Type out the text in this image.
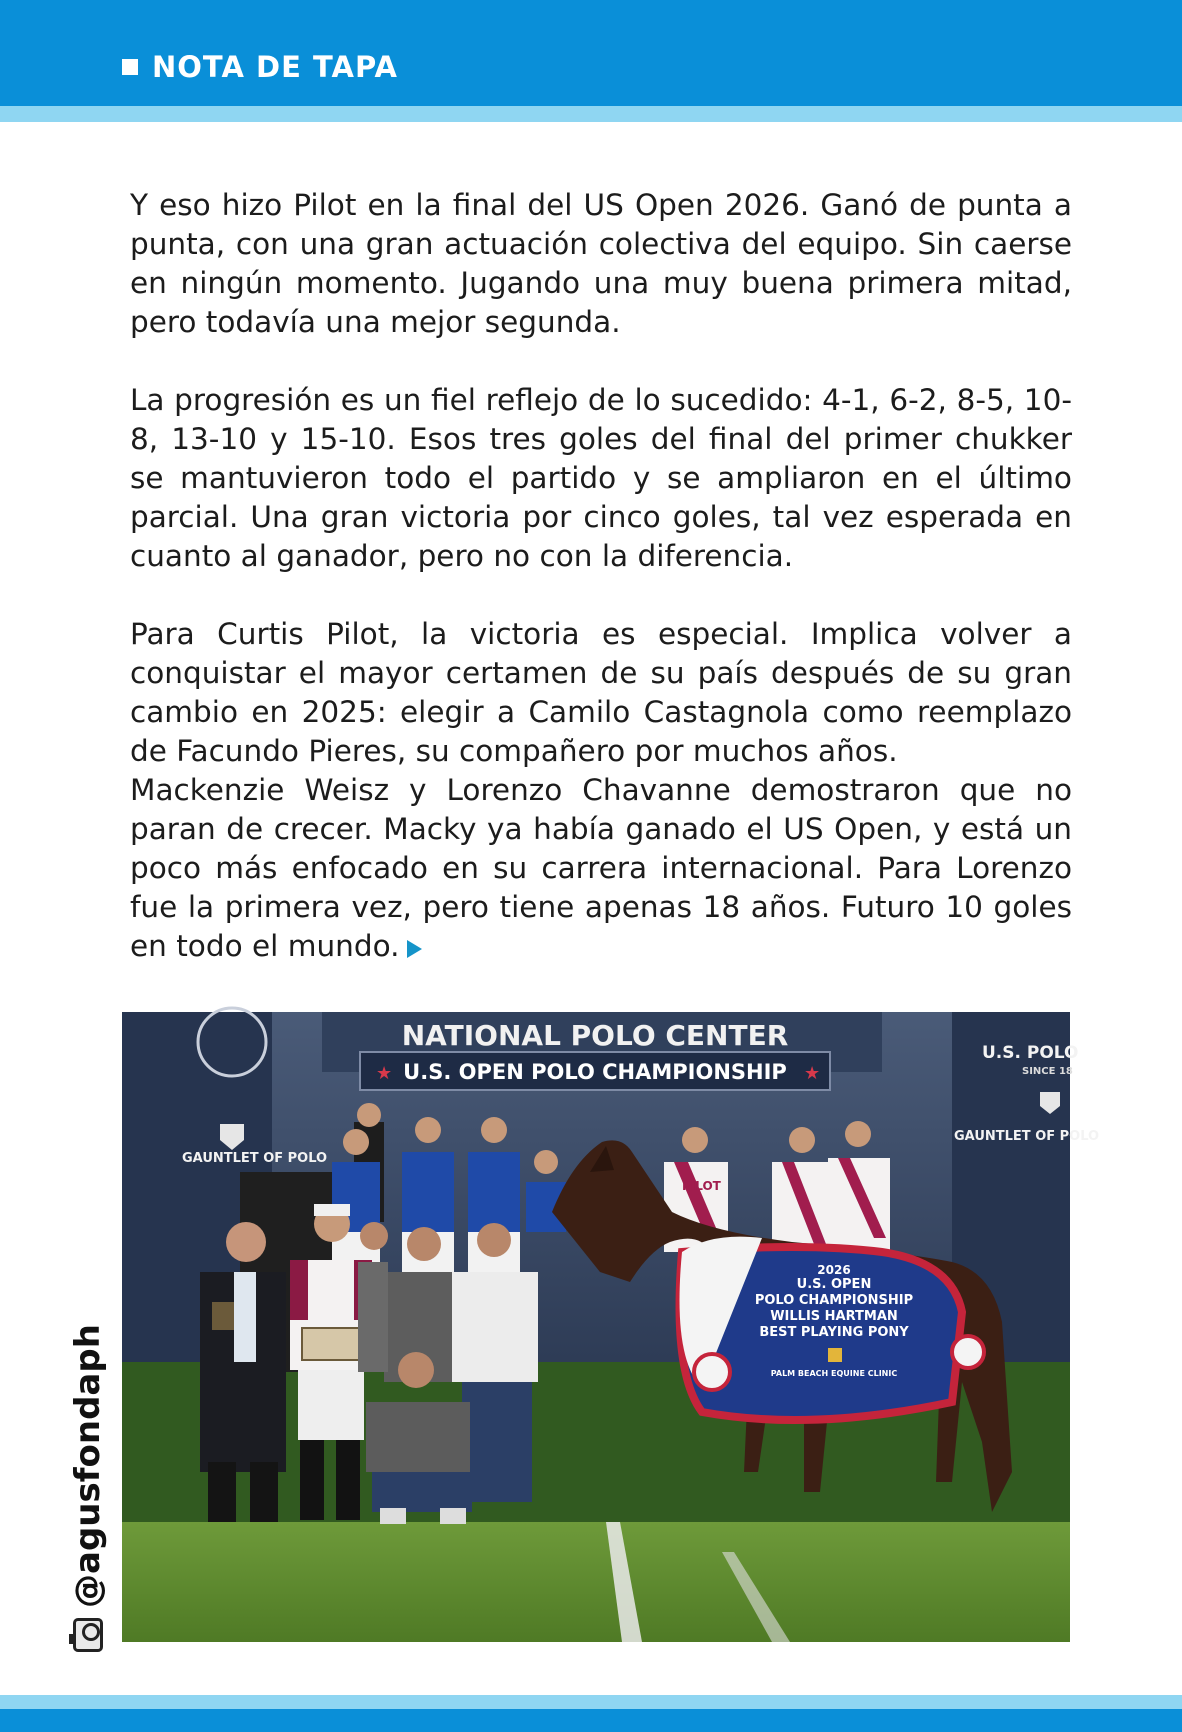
NOTA DE TAPA

Y eso hizo Pilot en la final del US Open 2026. Ganó de punta a punta, con una gran actuación colectiva del equipo. Sin caerse en ningún momento. Jugando una muy buena primera mitad, pero todavía una mejor segunda.

La progresión es un fiel reflejo de lo sucedido: 4-1, 6-2, 8-5, 10-8, 13-10 y 15-10. Esos tres goles del final del primer chukker se mantuvieron todo el partido y se ampliaron en el último parcial. Una gran victoria por cinco goles, tal vez esperada en cuanto al ganador, pero no con la diferencia.

Para Curtis Pilot, la victoria es especial. Implica volver a conquistar el mayor certamen de su país después de su gran cambio en 2025: elegir a Camilo Castagnola como reemplazo de Facundo Pieres, su compañero por muchos años.

Mackenzie Weisz y Lorenzo Chavanne demostraron que no paran de crecer. Macky ya había ganado el US Open, y está un poco más enfocado en su carrera internacional. Para Lorenzo fue la primera vez, pero tiene apenas 18 años. Futuro 10 goles en todo el mundo.

@agusfondaph
NATIONAL POLO CENTER
U.S. OPEN POLO CHAMPIONSHIP
★	★
GAUNTLET OF POLO
U.S. POLO
SINCE 18
GAUNTLET OF POLO
PILOT
2026
U.S. OPEN
POLO CHAMPIONSHIP
WILLIS HARTMAN
BEST PLAYING PONY
PALM BEACH EQUINE CLINIC
